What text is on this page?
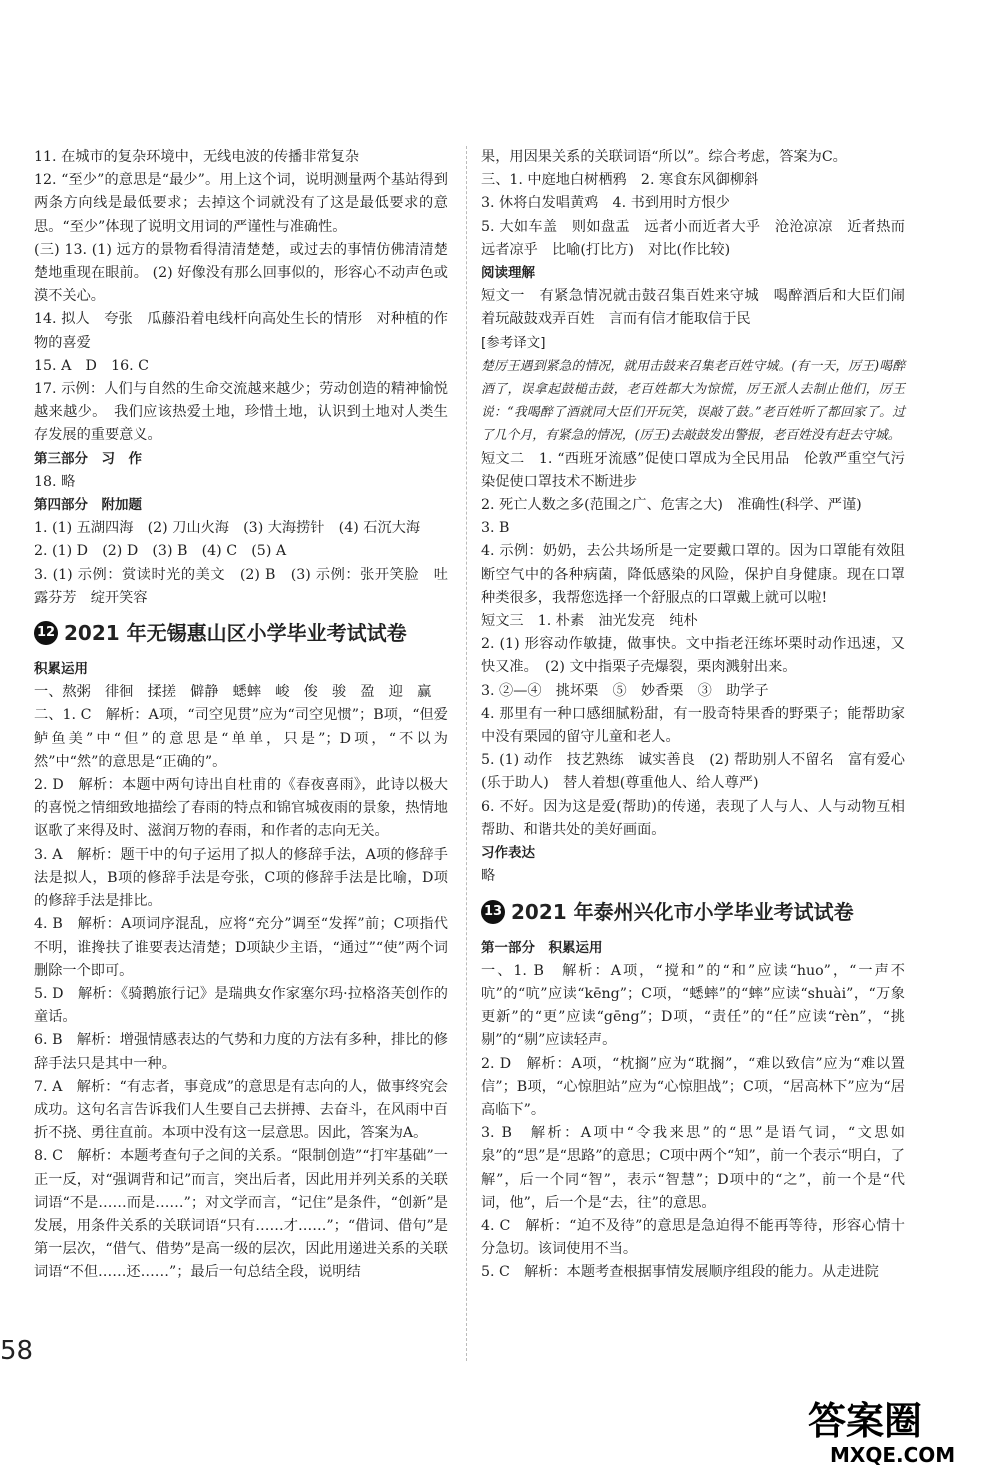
11. 在城市的复杂环境中，无线电波的传播非常复杂

12. “至少”的意思是“最少”。用上这个词，说明测量两个基站得到两条方向线是最低要求；去掉这个词就没有了这是最低要求的意思。“至少”体现了说明文用词的严谨性与准确性。

(三) 13. (1) 远方的景物看得清清楚楚，或过去的事情仿佛清清楚楚地重现在眼前。 (2) 好像没有那么回事似的，形容心不动声色或漠不关心。

14. 拟人　夸张　瓜藤沿着电线杆向高处生长的情形　对种植的作物的喜爱

15. A　D　16. C

17. 示例：人们与自然的生命交流越来越少；劳动创造的精神愉悦越来越少。　我们应该热爱土地，珍惜土地，认识到土地对人类生存发展的重要意义。

第三部分　习　作

18. 略

第四部分　附加题

1. (1) 五湖四海　(2) 刀山火海　(3) 大海捞针　(4) 石沉大海

2. (1) D　(2) D　(3) B　(4) C　(5) A

3. (1) 示例：赏读时光的美文　(2) B　(3) 示例：张开笑脸　吐露芬芳　绽开笑容

12 2021 年无锡惠山区小学毕业考试试卷

积累运用

一、熬粥　徘徊　揉搓　僻静　蟋蟀　峻　俊　骏　盈　迎　赢

二、1. C　解析：A项，“司空见贯”应为“司空见惯”；B项，“但爱鲈鱼美”中“但”的意思是“单单，只是”；D项，“不以为然”中“然”的意思是“正确的”。

2. D　解析：本题中两句诗出自杜甫的《春夜喜雨》，此诗以极大的喜悦之情细致地描绘了春雨的特点和锦官城夜雨的景象，热情地讴歌了来得及时、滋润万物的春雨，和作者的志向无关。

3. A　解析：题干中的句子运用了拟人的修辞手法，A项的修辞手法是拟人，B项的修辞手法是夸张，C项的修辞手法是比喻，D项的修辞手法是排比。

4. B　解析：A项词序混乱，应将“充分”调至“发挥”前；C项指代不明，谁搀扶了谁要表达清楚；D项缺少主语，“通过”“使”两个词删除一个即可。

5. D　解析：《骑鹅旅行记》是瑞典女作家塞尔玛·拉格洛芙创作的童话。

6. B　解析：增强情感表达的气势和力度的方法有多种，排比的修辞手法只是其中一种。

7. A　解析：“有志者，事竟成”的意思是有志向的人，做事终究会成功。这句名言告诉我们人生要自己去拼搏、去奋斗，在风雨中百折不挠、勇往直前。本项中没有这一层意思。因此，答案为A。

8. C　解析：本题考查句子之间的关系。“限制创造”“打牢基础”一正一反，对“强调背和记”而言，突出后者，因此用并列关系的关联词语“不是……而是……”；对文学而言，“记住”是条件，“创新”是发展，用条件关系的关联词语“只有……才……”；“借词、借句”是第一层次，“借气、借势”是高一级的层次，因此用递进关系的关联词语“不但……还……”；最后一句总结全段，说明结

果，用因果关系的关联词语“所以”。综合考虑，答案为C。

三、1. 中庭地白树栖鸦　2. 寒食东风御柳斜

3. 休将白发唱黄鸡　4. 书到用时方恨少

5. 大如车盖　则如盘盂　远者小而近者大乎　沧沧凉凉　近者热而远者凉乎　比喻(打比方)　对比(作比较)

阅读理解

短文一　有紧急情况就击鼓召集百姓来守城　喝醉酒后和大臣们闹着玩敲鼓戏弄百姓　言而有信才能取信于民

[参考译文]

楚厉王遇到紧急的情况，就用击鼓来召集老百姓守城。(有一天，厉王)喝醉酒了，误拿起鼓槌击鼓，老百姓都大为惊慌，厉王派人去制止他们，厉王说：“我喝醉了酒就同大臣们开玩笑，误敲了鼓。”老百姓听了都回家了。过了几个月，有紧急的情况，(厉王)去敲鼓发出警报，老百姓没有赶去守城。

短文二　1. “西班牙流感”促使口罩成为全民用品　伦敦严重空气污染促使口罩技术不断进步

2. 死亡人数之多(范围之广、危害之大)　准确性(科学、严谨)

3. B

4. 示例：奶奶，去公共场所是一定要戴口罩的。因为口罩能有效阻断空气中的各种病菌，降低感染的风险，保护自身健康。现在口罩种类很多，我帮您选择一个舒服点的口罩戴上就可以啦!

短文三　1. 朴素　油光发亮　纯朴

2. (1) 形容动作敏捷，做事快。文中指老汪练坏栗时动作迅速，又快又准。　(2) 文中指栗子壳爆裂，栗肉溅射出来。

3. ②—④　挑坏栗　⑤　妙香栗　③　助学子

4. 那里有一种口感细腻粉甜，有一股奇特果香的野栗子；能帮助家中没有栗园的留守儿童和老人。

5. (1) 动作　技艺熟练　诚实善良　(2) 帮助别人不留名　富有爱心(乐于助人)　替人着想(尊重他人、给人尊严)

6. 不好。因为这是爱(帮助)的传递，表现了人与人、人与动物互相帮助、和谐共处的美好画面。

习作表达

略

13 2021 年泰州兴化市小学毕业考试试卷

第一部分　积累运用

一、1. B　解析：A项，“搅和”的“和”应读“huo”，“一声不吭”的“吭”应读“kēng”；C项，“蟋蟀”的“蟀”应读“shuài”，“万象更新”的“更”应读“gēng”；D项，“责任”的“任”应读“rèn”，“挑剔”的“剔”应读轻声。

2. D　解析：A项，“枕搁”应为“耽搁”，“难以致信”应为“难以置信”；B项，“心惊胆站”应为“心惊胆战”；C项，“居高林下”应为“居高临下”。

3. B　解析：A项中“令我来思”的“思”是语气词，“文思如泉”的“思”是“思路”的意思；C项中两个“知”，前一个表示“明白，了解”，后一个同“智”，表示“智慧”；D项中的“之”，前一个是“代词，他”，后一个是“去，往”的意思。

4. C　解析：“迫不及待”的意思是急迫得不能再等待，形容心情十分急切。该词使用不当。

5. C　解析：本题考查根据事情发展顺序组段的能力。从走进院

58
答案圈
MXQE.COM
